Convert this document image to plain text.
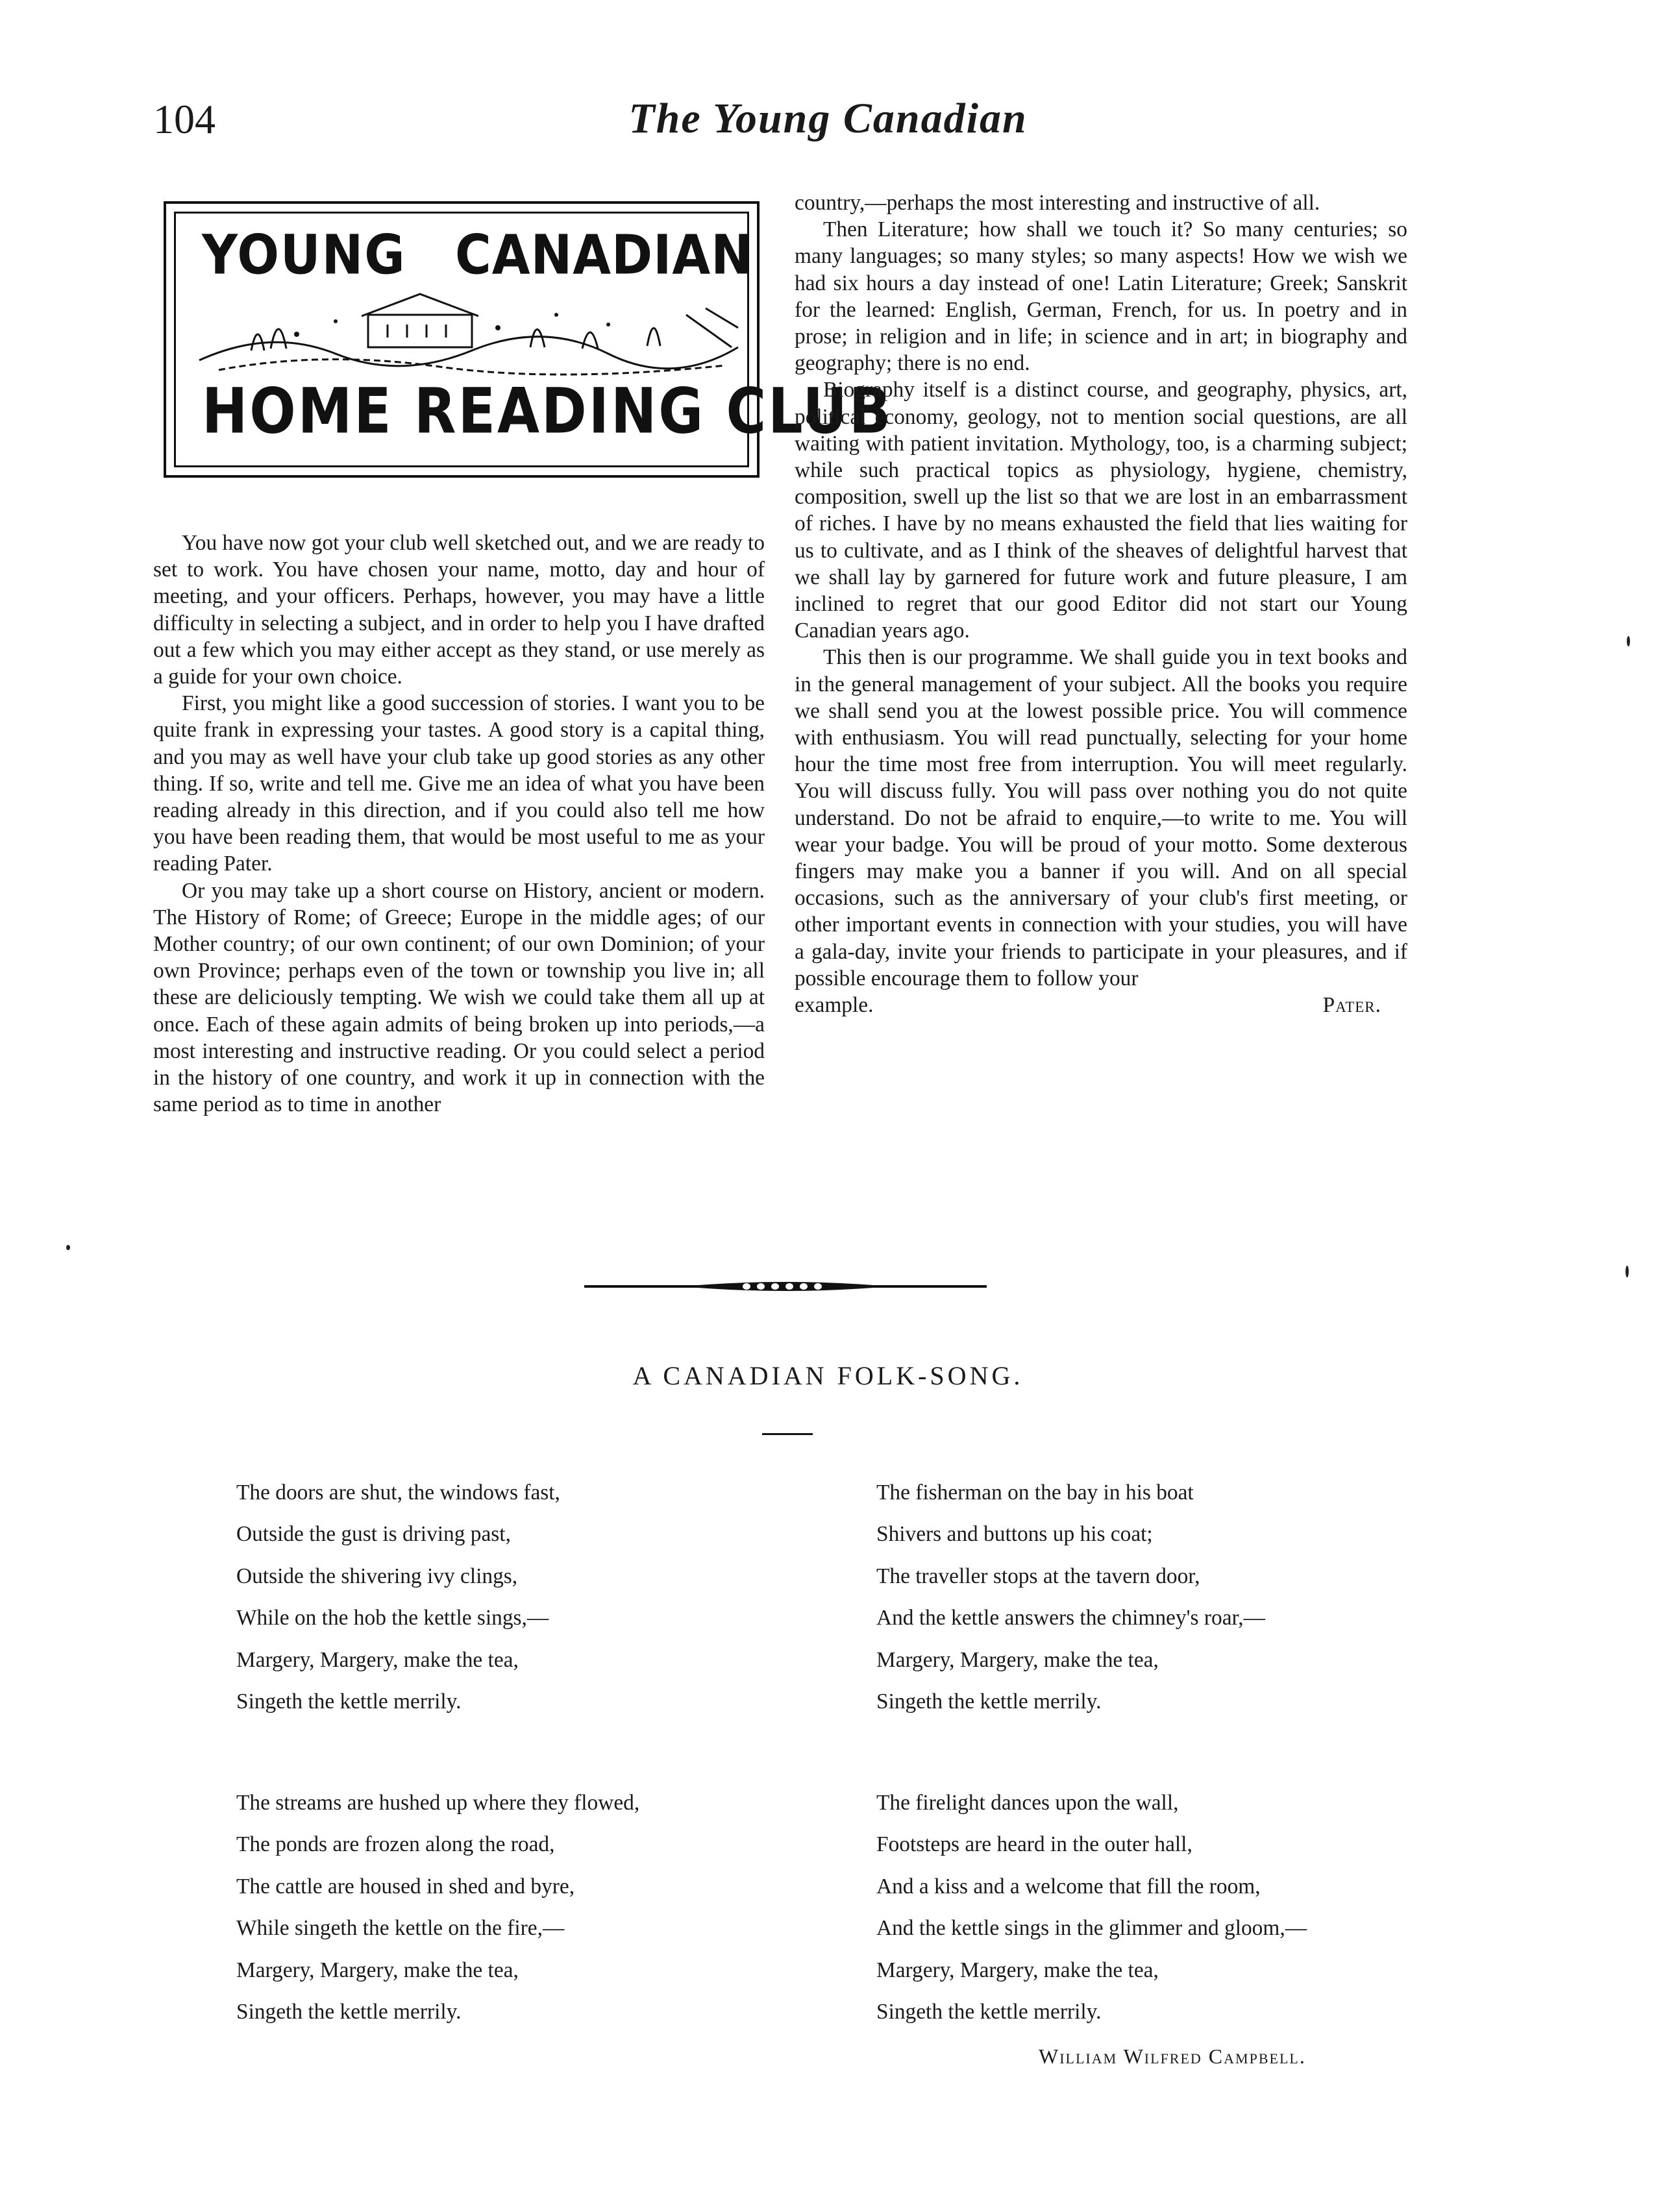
104	The Young Canadian
YOUNG CANADIAN
HOME READING CLUB

You have now got your club well sketched out, and we are ready to set to work. You have chosen your name, motto, day and hour of meeting, and your officers. Perhaps, however, you may have a little difficulty in selecting a subject, and in order to help you I have drafted out a few which you may either accept as they stand, or use merely as a guide for your own choice.

First, you might like a good succession of stories. I want you to be quite frank in expressing your tastes. A good story is a capital thing, and you may as well have your club take up good stories as any other thing. If so, write and tell me. Give me an idea of what you have been reading already in this direction, and if you could also tell me how you have been reading them, that would be most useful to me as your reading Pater.

Or you may take up a short course on History, ancient or modern. The History of Rome; of Greece; Europe in the middle ages; of our Mother country; of our own continent; of our own Dominion; of your own Province; perhaps even of the town or township you live in; all these are deliciously tempting. We wish we could take them all up at once. Each of these again admits of being broken up into periods,—a most interesting and instructive reading. Or you could select a period in the history of one country, and work it up in connection with the same period as to time in another

country,—perhaps the most interesting and instructive of all.

Then Literature; how shall we touch it? So many centuries; so many languages; so many styles; so many aspects! How we wish we had six hours a day instead of one! Latin Literature; Greek; Sanskrit for the learned: English, German, French, for us. In poetry and in prose; in religion and in life; in science and in art; in biography and geography; there is no end.

Biography itself is a distinct course, and geography, physics, art, political economy, geology, not to mention social questions, are all waiting with patient invitation. Mythology, too, is a charming subject; while such practical topics as physiology, hygiene, chemistry, composition, swell up the list so that we are lost in an embarrassment of riches. I have by no means exhausted the field that lies waiting for us to cultivate, and as I think of the sheaves of delightful harvest that we shall lay by garnered for future work and future pleasure, I am inclined to regret that our good Editor did not start our Young Canadian years ago.

This then is our programme. We shall guide you in text books and in the general management of your subject. All the books you require we shall send you at the lowest possible price. You will commence with enthusiasm. You will read punctually, selecting for your home hour the time most free from interruption. You will meet regularly. You will discuss fully. You will pass over nothing you do not quite understand. Do not be afraid to enquire,—to write to me. You will wear your badge. You will be proud of your motto. Some dexterous fingers may make you a banner if you will. And on all special occasions, such as the anniversary of your club's first meeting, or other important events in connection with your studies, you will have a gala-day, invite your friends to participate in your pleasures, and if possible encourage them to follow your

example.	Pater.
A CANADIAN FOLK-SONG.
The doors are shut, the windows fast,
Outside the gust is driving past,
Outside the shivering ivy clings,
While on the hob the kettle sings,—
Margery, Margery, make the tea,
Singeth the kettle merrily.
The streams are hushed up where they flowed,
The ponds are frozen along the road,
The cattle are housed in shed and byre,
While singeth the kettle on the fire,—
Margery, Margery, make the tea,
Singeth the kettle merrily.
The fisherman on the bay in his boat
Shivers and buttons up his coat;
The traveller stops at the tavern door,
And the kettle answers the chimney's roar,—
Margery, Margery, make the tea,
Singeth the kettle merrily.
The firelight dances upon the wall,
Footsteps are heard in the outer hall,
And a kiss and a welcome that fill the room,
And the kettle sings in the glimmer and gloom,—
Margery, Margery, make the tea,
Singeth the kettle merrily.
William Wilfred Campbell.
